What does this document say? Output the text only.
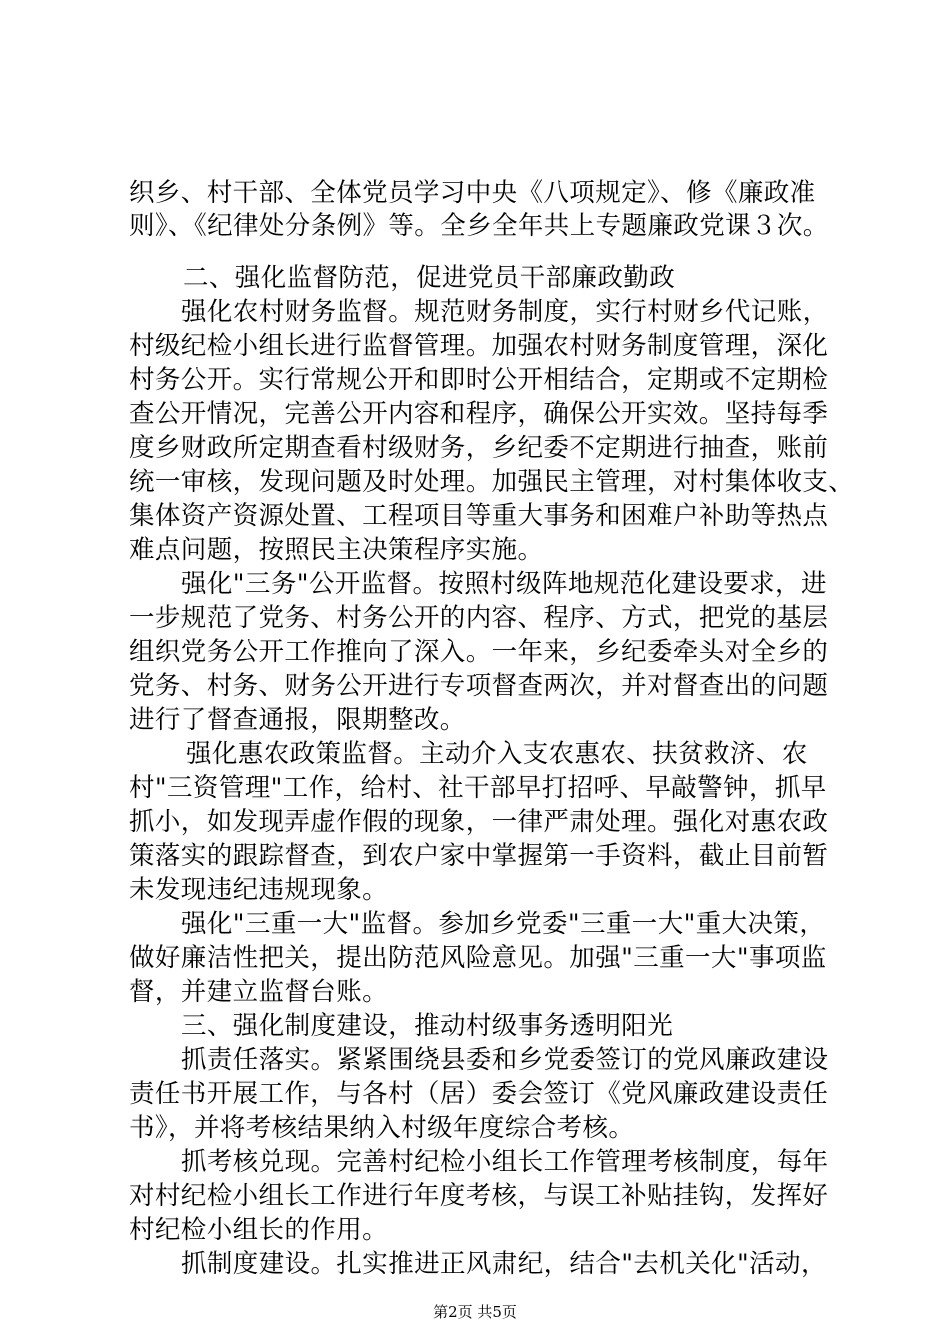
织乡、村干部、全体党员学习中央《八项规定》、修《廉政准
则》、《纪律处分条例》等。全乡全年共上专题廉政党课３次。
二、强化监督防范，促进党员干部廉政勤政
强化农村财务监督。规范财务制度，实行村财乡代记账，
村级纪检小组长进行监督管理。加强农村财务制度管理，深化
村务公开。实行常规公开和即时公开相结合，定期或不定期检
查公开情况，完善公开内容和程序，确保公开实效。坚持每季
度乡财政所定期查看村级财务，乡纪委不定期进行抽查，账前
统一审核，发现问题及时处理。加强民主管理，对村集体收支、
集体资产资源处置、工程项目等重大事务和困难户补助等热点
难点问题，按照民主决策程序实施。
强化"三务"公开监督。按照村级阵地规范化建设要求，进
一步规范了党务、村务公开的内容、程序、方式，把党的基层
组织党务公开工作推向了深入。一年来，乡纪委牵头对全乡的
党务、村务、财务公开进行专项督查两次，并对督查出的问题
进行了督查通报，限期整改。
强化惠农政策监督。主动介入支农惠农、扶贫救济、农
村"三资管理"工作，给村、社干部早打招呼、早敲警钟，抓早
抓小，如发现弄虚作假的现象，一律严肃处理。强化对惠农政
策落实的跟踪督查，到农户家中掌握第一手资料，截止目前暂
未发现违纪违规现象。
强化"三重一大"监督。参加乡党委"三重一大"重大决策，
做好廉洁性把关，提出防范风险意见。加强"三重一大"事项监
督，并建立监督台账。
三、强化制度建设，推动村级事务透明阳光
抓责任落实。紧紧围绕县委和乡党委签订的党风廉政建设
责任书开展工作，与各村（居）委会签订《党风廉政建设责任
书》，并将考核结果纳入村级年度综合考核。
抓考核兑现。完善村纪检小组长工作管理考核制度，每年
对村纪检小组长工作进行年度考核，与误工补贴挂钩，发挥好
村纪检小组长的作用。
抓制度建设。扎实推进正风肃纪，结合"去机关化"活动，
第2页 共5页
